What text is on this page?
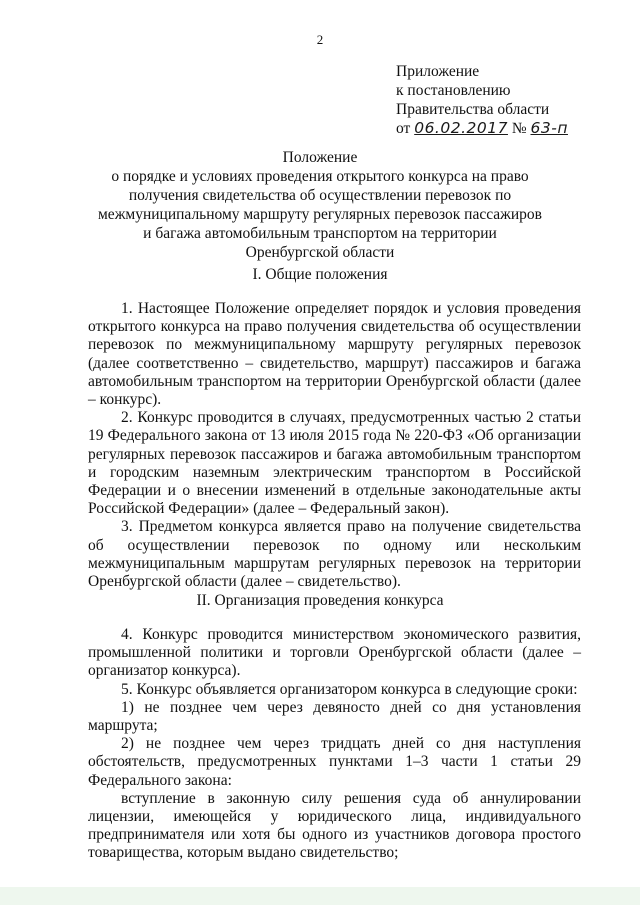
2
Приложение
к постановлению
Правительства области
от 06.02.2017 № 63-п
Положение
о порядке и условиях проведения открытого конкурса на право
получения свидетельства об осуществлении перевозок по
межмуниципальному маршруту регулярных перевозок пассажиров
и багажа автомобильным транспортом на территории
Оренбургской области
I. Общие положения

1. Настоящее Положение определяет порядок и условия проведения открытого конкурса на право получения свидетельства об осуществлении перевозок по межмуниципальному маршруту регулярных перевозок (далее соответственно – свидетельство, маршрут) пассажиров и багажа автомобильным транспортом на территории Оренбургской области (далее – конкурс).

2. Конкурс проводится в случаях, предусмотренных частью 2 статьи 19 Федерального закона от 13 июля 2015 года № 220-ФЗ «Об организации регулярных перевозок пассажиров и багажа автомобильным транспортом и городским наземным электрическим транспортом в Российской Федерации и о внесении изменений в отдельные законодательные акты Российской Федерации» (далее – Федеральный закон).

3. Предметом конкурса является право на получение свидетельства об осуществлении перевозок по одному или нескольким межмуниципальным маршрутам регулярных перевозок на территории Оренбургской области (далее – свидетельство).

II. Организация проведения конкурса

4. Конкурс проводится министерством экономического развития, промышленной политики и торговли Оренбургской области (далее – организатор конкурса).

5. Конкурс объявляется организатором конкурса в следующие сроки:

1) не позднее чем через девяносто дней со дня установления маршрута;

2) не позднее чем через тридцать дней со дня наступления обстоятельств, предусмотренных пунктами 1–3 части 1 статьи 29 Федерального закона:

вступление в законную силу решения суда об аннулировании лицензии, имеющейся у юридического лица, индивидуального предпринимателя или хотя бы одного из участников договора простого товарищества, которым выдано свидетельство;
